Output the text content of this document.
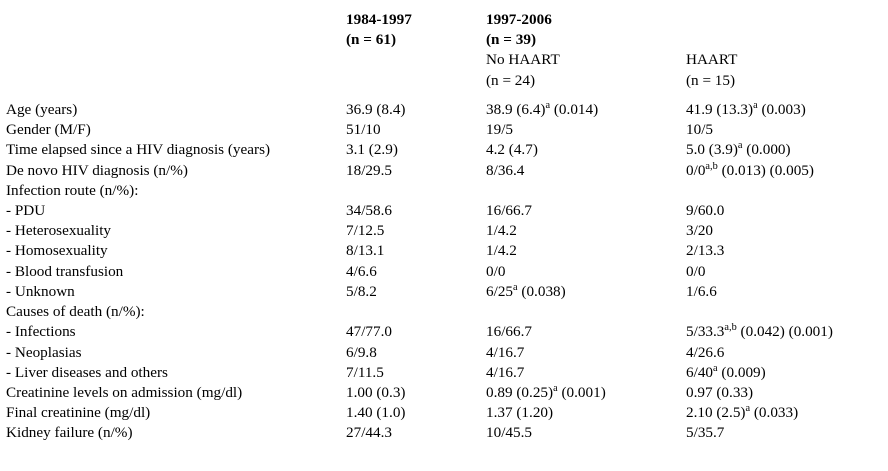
	1984-1997	1997-2006	
	(n = 61)	(n = 39)	
		No HAART	HAART
		(n = 24)	(n = 15)

Age (years)	36.9 (8.4)	38.9 $(6.4)^a$ (0.014)	41.9 $(13.3)^a$ (0.003)
Gender (M/F)	51/10	19/5	10/5
Time elapsed since a HIV diagnosis (years)	3.1 (2.9)	4.2 (4.7)	5.0 $(3.9)^a$ (0.000)
De novo HIV diagnosis (n/%)	18/29.5	8/36.4	0/0$^{a,b}$ (0.013) (0.005)
Infection route (n/%):			
- PDU	34/58.6	16/66.7	9/60.0
- Heterosexuality	7/12.5	1/4.2	3/20
- Homosexuality	8/13.1	1/4.2	2/13.3
- Blood transfusion	4/6.6	0/0	0/0
- Unknown	5/8.2	6/25$^a$ (0.038)	1/6.6
Causes of death (n/%):			
- Infections	47/77.0	16/66.7	5/33.3$^{a,b}$ (0.042) (0.001)
- Neoplasias	6/9.8	4/16.7	4/26.6
- Liver diseases and others	7/11.5	4/16.7	6/40$^a$ (0.009)
Creatinine levels on admission (mg/dl)	1.00 (0.3)	0.89 $(0.25)^a$ (0.001)	0.97 (0.33)
Final creatinine (mg/dl)	1.40 (1.0)	1.37 (1.20)	2.10 $(2.5)^a$ (0.033)
Kidney failure (n/%)	27/44.3	10/45.5	5/35.7
